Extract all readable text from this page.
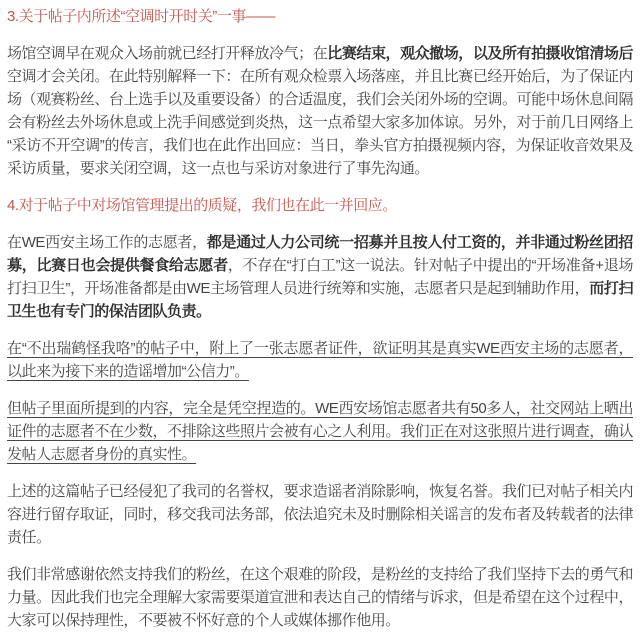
3.关于帖子内所述“空调时开时关”一事——

场馆空调早在观众入场前就已经打开释放冷气；在比赛结束，观众撤场，以及所有拍摄收馆清场后空调才会关闭。在此特别解释一下：在所有观众检票入场落座，并且比赛已经开始后，为了保证内场（观赛粉丝、台上选手以及重要设备）的合适温度，我们会关闭外场的空调。可能中场休息间隔会有粉丝去外场休息或上洗手间感觉到炎热，这一点希望大家多加体谅。另外，对于前几日网络上“采访不开空调”的传言，我们也在此作出回应：当日，拳头官方拍摄视频内容，为保证收音效果及采访质量，要求关闭空调，这一点也与采访对象进行了事先沟通。

4.对于帖子中对场馆管理提出的质疑，我们也在此一并回应。

在WE西安主场工作的志愿者，都是通过人力公司统一招募并且按人付工资的，并非通过粉丝团招募，比赛日也会提供餐食给志愿者，不存在“打白工”这一说法。针对帖子中提出的“开场准备+退场打扫卫生”，开场准备都是由WE主场管理人员进行统筹和实施，志愿者只是起到辅助作用，而打扫卫生也有专门的保洁团队负责。

在“不出瑞鹤怪我咯”的帖子中，附上了一张志愿者证件，欲证明其是真实WE西安主场的志愿者，以此来为接下来的造谣增加“公信力”。

但帖子里面所提到的内容，完全是凭空捏造的。WE西安场馆志愿者共有50多人，社交网站上晒出证件的志愿者不在少数，不排除这些照片会被有心之人利用。我们正在对这张照片进行调查，确认发帖人志愿者身份的真实性。

上述的这篇帖子已经侵犯了我司的名誉权，要求造谣者消除影响，恢复名誉。我们已对帖子相关内容进行留存取证，同时，移交我司法务部，依法追究未及时删除相关谣言的发布者及转载者的法律责任。

我们非常感谢依然支持我们的粉丝，在这个艰难的阶段，是粉丝的支持给了我们坚持下去的勇气和力量。因此我们也完全理解大家需要渠道宣泄和表达自己的情绪与诉求，但是希望在这个过程中，大家可以保持理性，不要被不怀好意的个人或媒体挪作他用。
